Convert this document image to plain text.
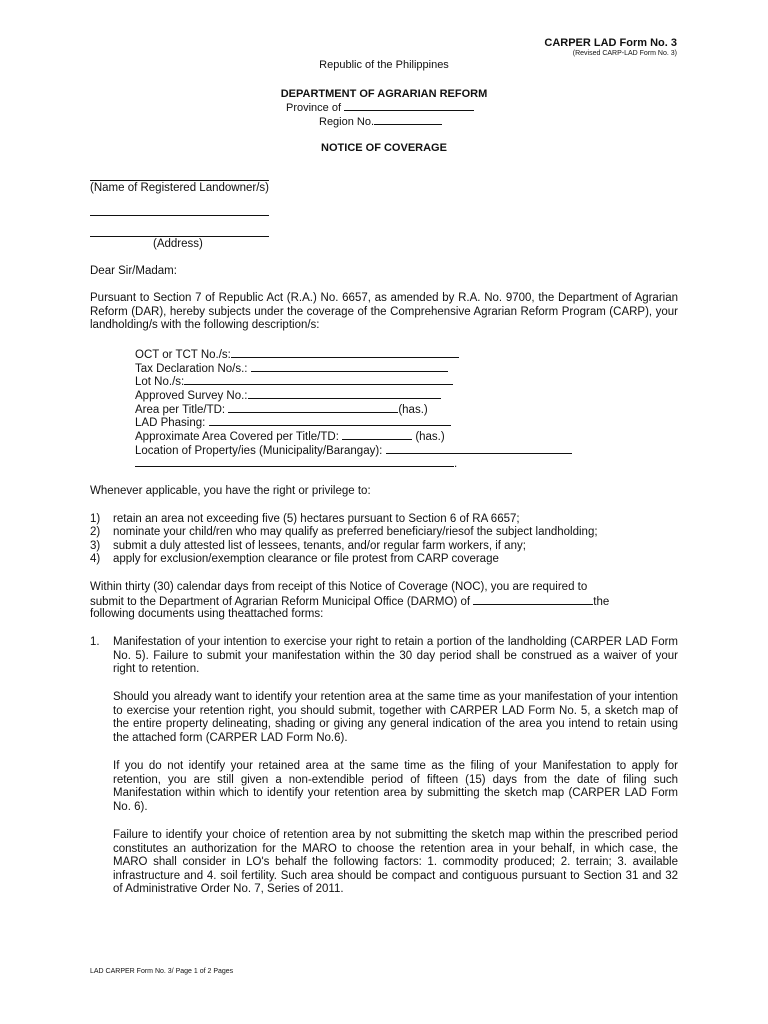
CARPER LAD Form No. 3
(Revised CARP-LAD Form No. 3)
Republic of the Philippines
DEPARTMENT OF AGRARIAN REFORM
Province of
Region No.
NOTICE OF COVERAGE
(Name of Registered Landowner/s)
(Address)
Dear Sir/Madam:
Pursuant to Section 7 of Republic Act (R.A.) No. 6657, as amended by R.A. No. 9700, the Department of Agrarian Reform (DAR), hereby subjects under the coverage of the Comprehensive Agrarian Reform Program (CARP), your landholding/s with the following description/s:
OCT or TCT No./s:
Tax Declaration No/s.:
Lot No./s:
Approved Survey No.:
Area per Title/TD:	(has.)
LAD Phasing:
Approximate Area Covered per Title/TD:	(has.)
Location of Property/ies (Municipality/Barangay):
.
Whenever applicable, you have the right or privilege to:
1) retain an area not exceeding five (5) hectares pursuant to Section 6 of RA 6657;
2) nominate your child/ren who may qualify as preferred beneficiary/riesof the subject landholding;
3) submit a duly attested list of lessees, tenants, and/or regular farm workers, if any;
4) apply for exclusion/exemption clearance or file protest from CARP coverage
Within thirty (30) calendar days from receipt of this Notice of Coverage (NOC), you are required to
submit to the Department of Agrarian Reform Municipal Office (DARMO) of	the
following documents using theattached forms:
1. Manifestation of your intention to exercise your right to retain a portion of the landholding (CARPER LAD Form No. 5). Failure to submit your manifestation within the 30 day period shall be construed as a waiver of your right to retention.
Should you already want to identify your retention area at the same time as your manifestation of your intention to exercise your retention right, you should submit, together with CARPER LAD Form No. 5, a sketch map of the entire property delineating, shading or giving any general indication of the area you intend to retain using the attached form (CARPER LAD Form No.6).
If you do not identify your retained area at the same time as the filing of your Manifestation to apply for retention, you are still given a non-extendible period of fifteen (15) days from the date of filing such Manifestation within which to identify your retention area by submitting the sketch map (CARPER LAD Form No. 6).
Failure to identify your choice of retention area by not submitting the sketch map within the prescribed period constitutes an authorization for the MARO to choose the retention area in your behalf, in which case, the MARO shall consider in LO's behalf the following factors: 1. commodity produced; 2. terrain; 3. available infrastructure and 4. soil fertility. Such area should be compact and contiguous pursuant to Section 31 and 32 of Administrative Order No. 7, Series of 2011.
LAD CARPER Form No. 3/ Page 1 of 2 Pages
